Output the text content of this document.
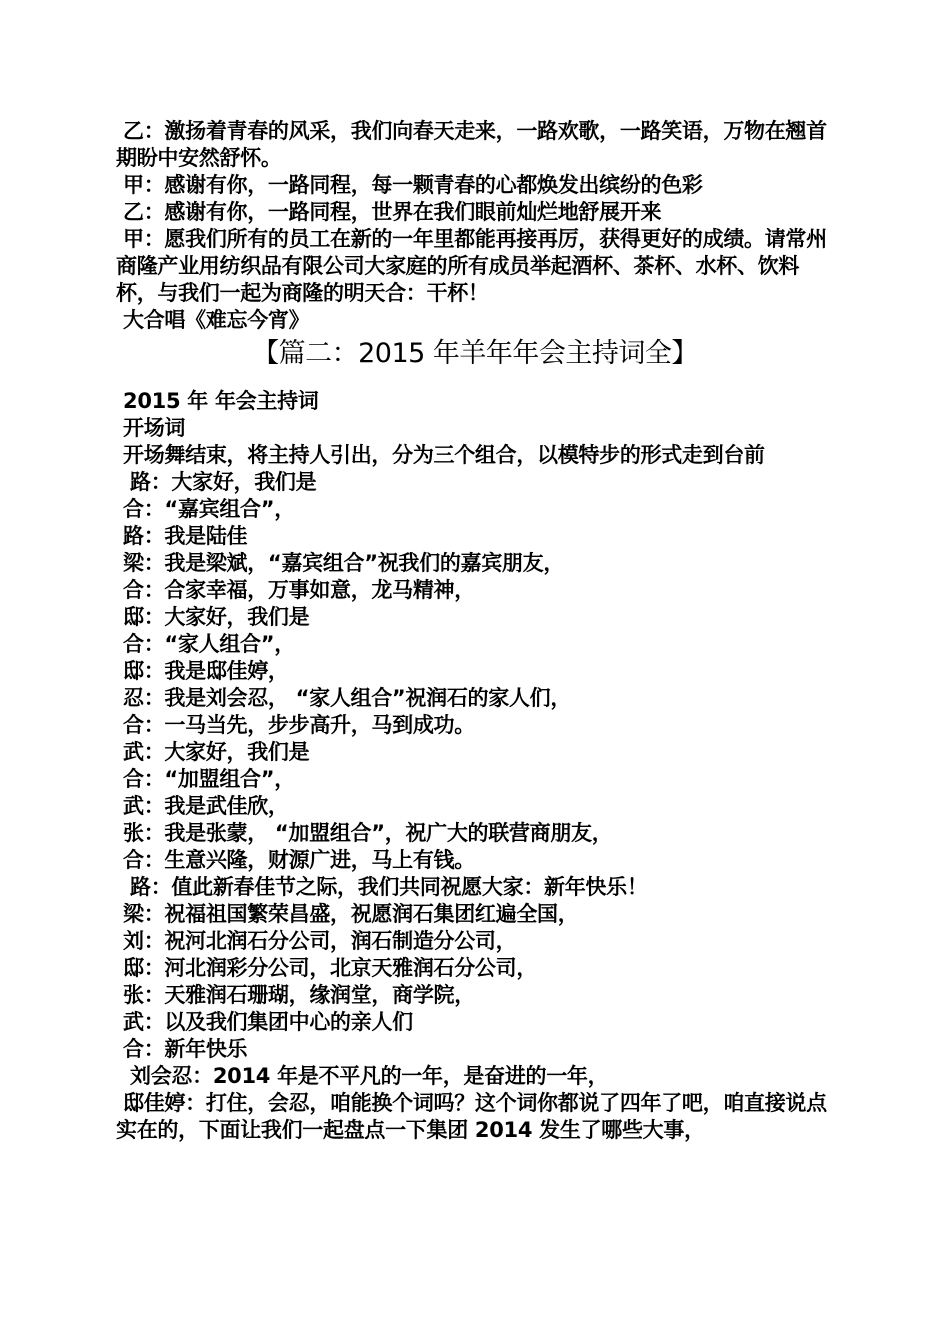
乙：激扬着青春的风采，我们向春天走来，一路欢歌，一路笑语，万物在翘首期盼中安然舒怀。

甲：感谢有你，一路同程，每一颗青春的心都焕发出缤纷的色彩

乙：感谢有你，一路同程，世界在我们眼前灿烂地舒展开来

甲：愿我们所有的员工在新的一年里都能再接再厉，获得更好的成绩。请常州商隆产业用纺织品有限公司大家庭的所有成员举起酒杯、茶杯、水杯、饮料杯，与我们一起为商隆的明天合：干杯！

大合唱《难忘今宵》

【篇二：2015 年羊年年会主持词全】

2015 年 年会主持词

开场词

开场舞结束，将主持人引出，分为三个组合，以模特步的形式走到台前

路：大家好，我们是

合：“嘉宾组合”，

路：我是陆佳

梁：我是梁斌，“嘉宾组合”祝我们的嘉宾朋友，

合：合家幸福，万事如意，龙马精神，

邸：大家好，我们是

合：“家人组合”，

邸：我是邸佳婷，

忍：我是刘会忍， “家人组合”祝润石的家人们，

合：一马当先，步步高升，马到成功。

武：大家好，我们是

合：“加盟组合”，

武：我是武佳欣，

张：我是张蒙， “加盟组合”，祝广大的联营商朋友，

合：生意兴隆，财源广进，马上有钱。

路：值此新春佳节之际，我们共同祝愿大家：新年快乐！

梁：祝福祖国繁荣昌盛，祝愿润石集团红遍全国，

刘：祝河北润石分公司，润石制造分公司，

邸：河北润彩分公司，北京天雅润石分公司，

张：天雅润石珊瑚，缘润堂，商学院，

武：以及我们集团中心的亲人们

合：新年快乐

刘会忍：2014 年是不平凡的一年，是奋进的一年，

邸佳婷：打住，会忍，咱能换个词吗？这个词你都说了四年了吧，咱直接说点实在的，下面让我们一起盘点一下集团 2014 发生了哪些大事，
